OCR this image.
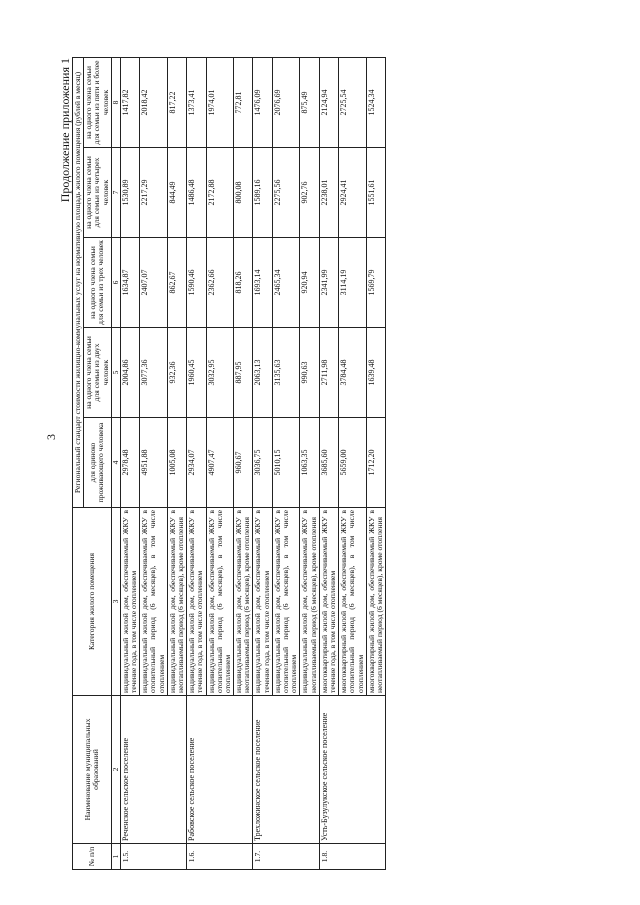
3
Продолжение приложения 1
№ п/п	Наименование муниципальных образований	Категория жилого помещения	Региональный стандарт стоимости жилищно-коммунальных услуг на нормативную площадь жилого помещения (рублей в месяц)				
			для одиноко проживающего человека	на одного члена семьи для семьи из двух человек	на одного члена семьи для семьи из трех человек	на одного члена семьи для семьи из четырех человек	на одного члена семьи для семьи из пяти и более человек
1	2	3	4	5	6	7	8
1.5.	Реченское сельское поселение	индивидуальный жилой дом, обеспечиваемый ЖКУ в течение года, в том числе отоплением	2978,48	2004,86	1634,87	1530,89	1417,82
		индивидуальный жилой дом, обеспечиваемый ЖКУ в отопительный период (6 месяцев), в том числе отоплением	4951,88	3077,36	2407,07	2217,29	2018,42
		индивидуальный жилой дом, обеспечиваемый ЖКУ в неотапливаемый период (6 месяцев), кроме отопления	1005,08	932,36	862,67	844,49	817,22
1.6.	Рабовское сельское поселение	индивидуальный жилой дом, обеспечиваемый ЖКУ в течение года, в том числе отоплением	2934,07	1960,45	1590,46	1486,48	1373,41
		индивидуальный жилой дом, обеспечиваемый ЖКУ в отопительный период (6 месяцев), в том числе отоплением	4907,47	3032,95	2362,66	2172,88	1974,01
		индивидуальный жилой дом, обеспечиваемый ЖКУ в неотапливаемый период (6 месяцев), кроме отопления	960,67	887,95	818,26	800,08	772,81
1.7.	Трехложинское сельское поселение	индивидуальный жилой дом, обеспечиваемый ЖКУ в течение года, в том числе отоплением	3036,75	2063,13	1693,14	1589,16	1476,09
		индивидуальный жилой дом, обеспечиваемый ЖКУ в отопительный период (6 месяцев), в том числе отоплением	5010,15	3135,63	2465,34	2275,56	2076,69
		индивидуальный жилой дом, обеспечиваемый ЖКУ в неотапливаемый период (6 месяцев), кроме отопления	1063,35	990,63	920,94	902,76	875,49
1.8.	Усть-Бузулукское сельское поселение	многоквартирный жилой дом, обеспечиваемый ЖКУ в течение года, в том числе отоплением	3685,60	2711,98	2341,99	2238,01	2124,94
		многоквартирный жилой дом, обеспечиваемый ЖКУ в отопительный период (6 месяцев), в том числе отоплением	5659,00	3784,48	3114,19	2924,41	2725,54
		многоквартирный жилой дом, обеспечиваемый ЖКУ в неотапливаемый период (6 месяцев), кроме отопления	1712,20	1639,48	1569,79	1551,61	1524,34
